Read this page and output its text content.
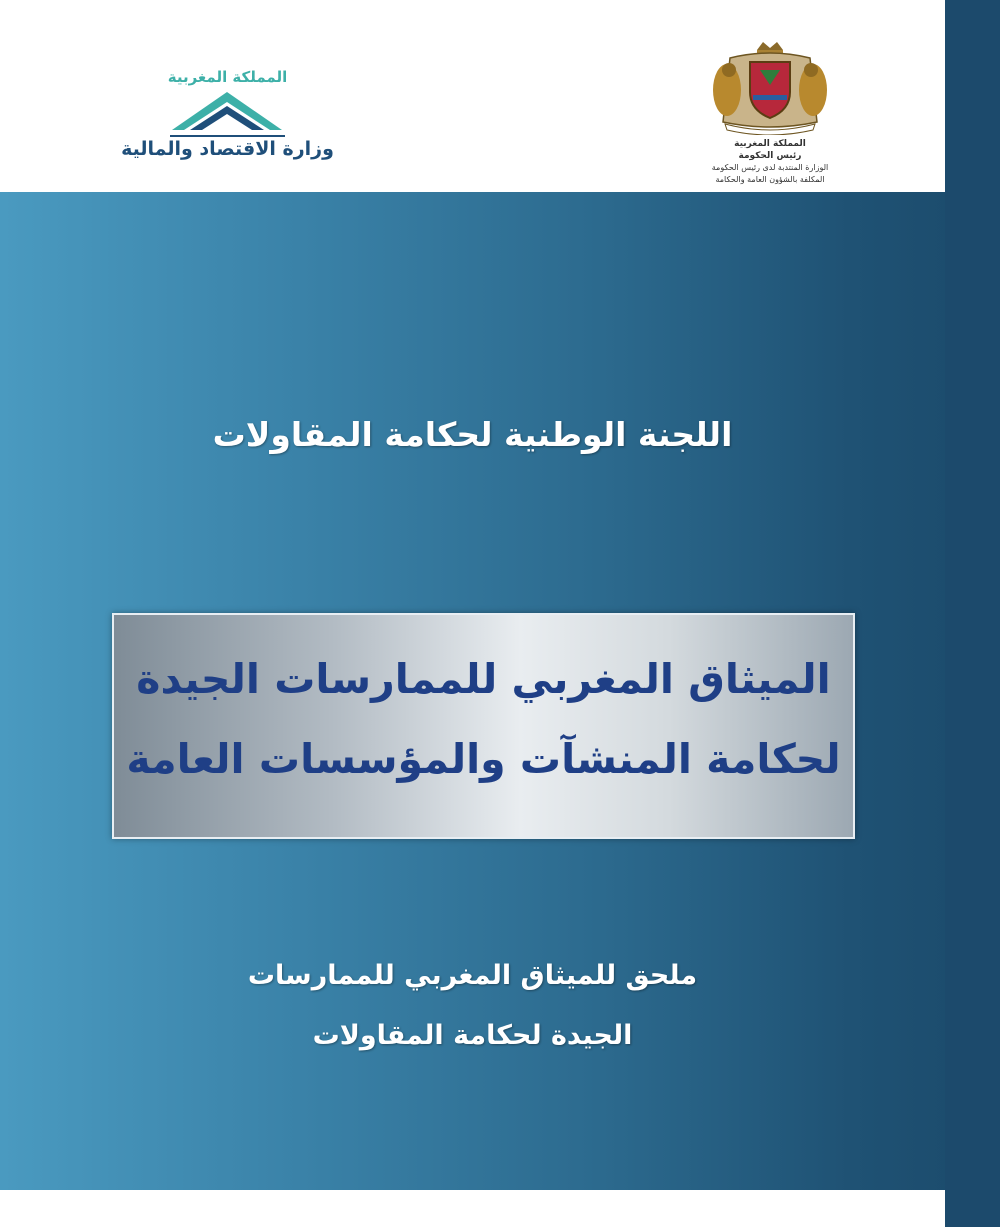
المملكة المغربية
وزارة الاقتصاد والمالية	المملكة المغربية
رئيس الحكومة
الوزارة المنتدبة لدى رئيس الحكومة
المكلفة بالشؤون العامة والحكامة
اللجنة الوطنية لحكامة المقاولات
الميثاق المغربي للممارسات الجيدة
لحكامة المنشآت والمؤسسات العامة
ملحق للميثاق المغربي للممارسات
الجيدة لحكامة المقاولات
